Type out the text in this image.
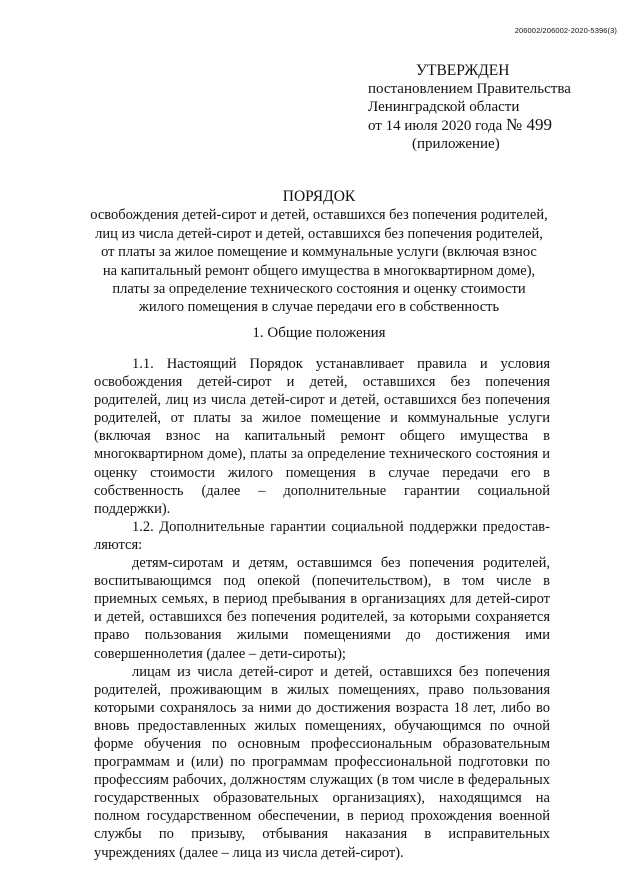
206002/206002-2020-5396(3)
УТВЕРЖДЕН
постановлением Правительства
Ленинградской области
от 14 июля 2020 года № 499
(приложение)
ПОРЯДОК
освобождения детей-сирот и детей, оставшихся без попечения родителей,
лиц из числа детей-сирот и детей, оставшихся без попечения родителей,
от платы за жилое помещение и коммунальные услуги (включая взнос
на капитальный ремонт общего имущества в многоквартирном доме),
платы за определение технического состояния и оценку стоимости
жилого помещения в случае передачи его в собственность
1. Общие положения

1.1. Настоящий Порядок устанавливает правила и условия освобождения детей-сирот и детей, оставшихся без попечения родителей, лиц из числа детей-сирот и детей, оставшихся без попечения родителей, от платы за жилое помещение и коммунальные услуги (включая взнос на капитальный ремонт общего имущества в многоквартирном доме), платы за определение технического состояния и оценку стоимости жилого помещения в случае передачи его в собственность (далее – дополнительные гарантии социальной поддержки).

1.2. Дополнительные гарантии социальной поддержки предоставляются:

детям-сиротам и детям, оставшимся без попечения родителей, воспитывающимся под опекой (попечительством), в том числе в приемных семьях, в период пребывания в организациях для детей-сирот и детей, оставшихся без попечения родителей, за которыми сохраняется право пользования жилыми помещениями до достижения ими совершеннолетия (далее – дети-сироты);

лицам из числа детей-сирот и детей, оставшихся без попечения родителей, проживающим в жилых помещениях, право пользования которыми сохранялось за ними до достижения возраста 18 лет, либо во вновь предоставленных жилых помещениях, обучающимся по очной форме обучения по основным профессиональным образовательным программам и (или) по программам профессиональной подготовки по профессиям рабочих, должностям служащих (в том числе в федеральных государственных образовательных организациях), находящимся на полном государственном обеспечении, в период прохождения военной службы по призыву, отбывания наказания в исправительных учреждениях (далее – лица из числа детей-сирот).
